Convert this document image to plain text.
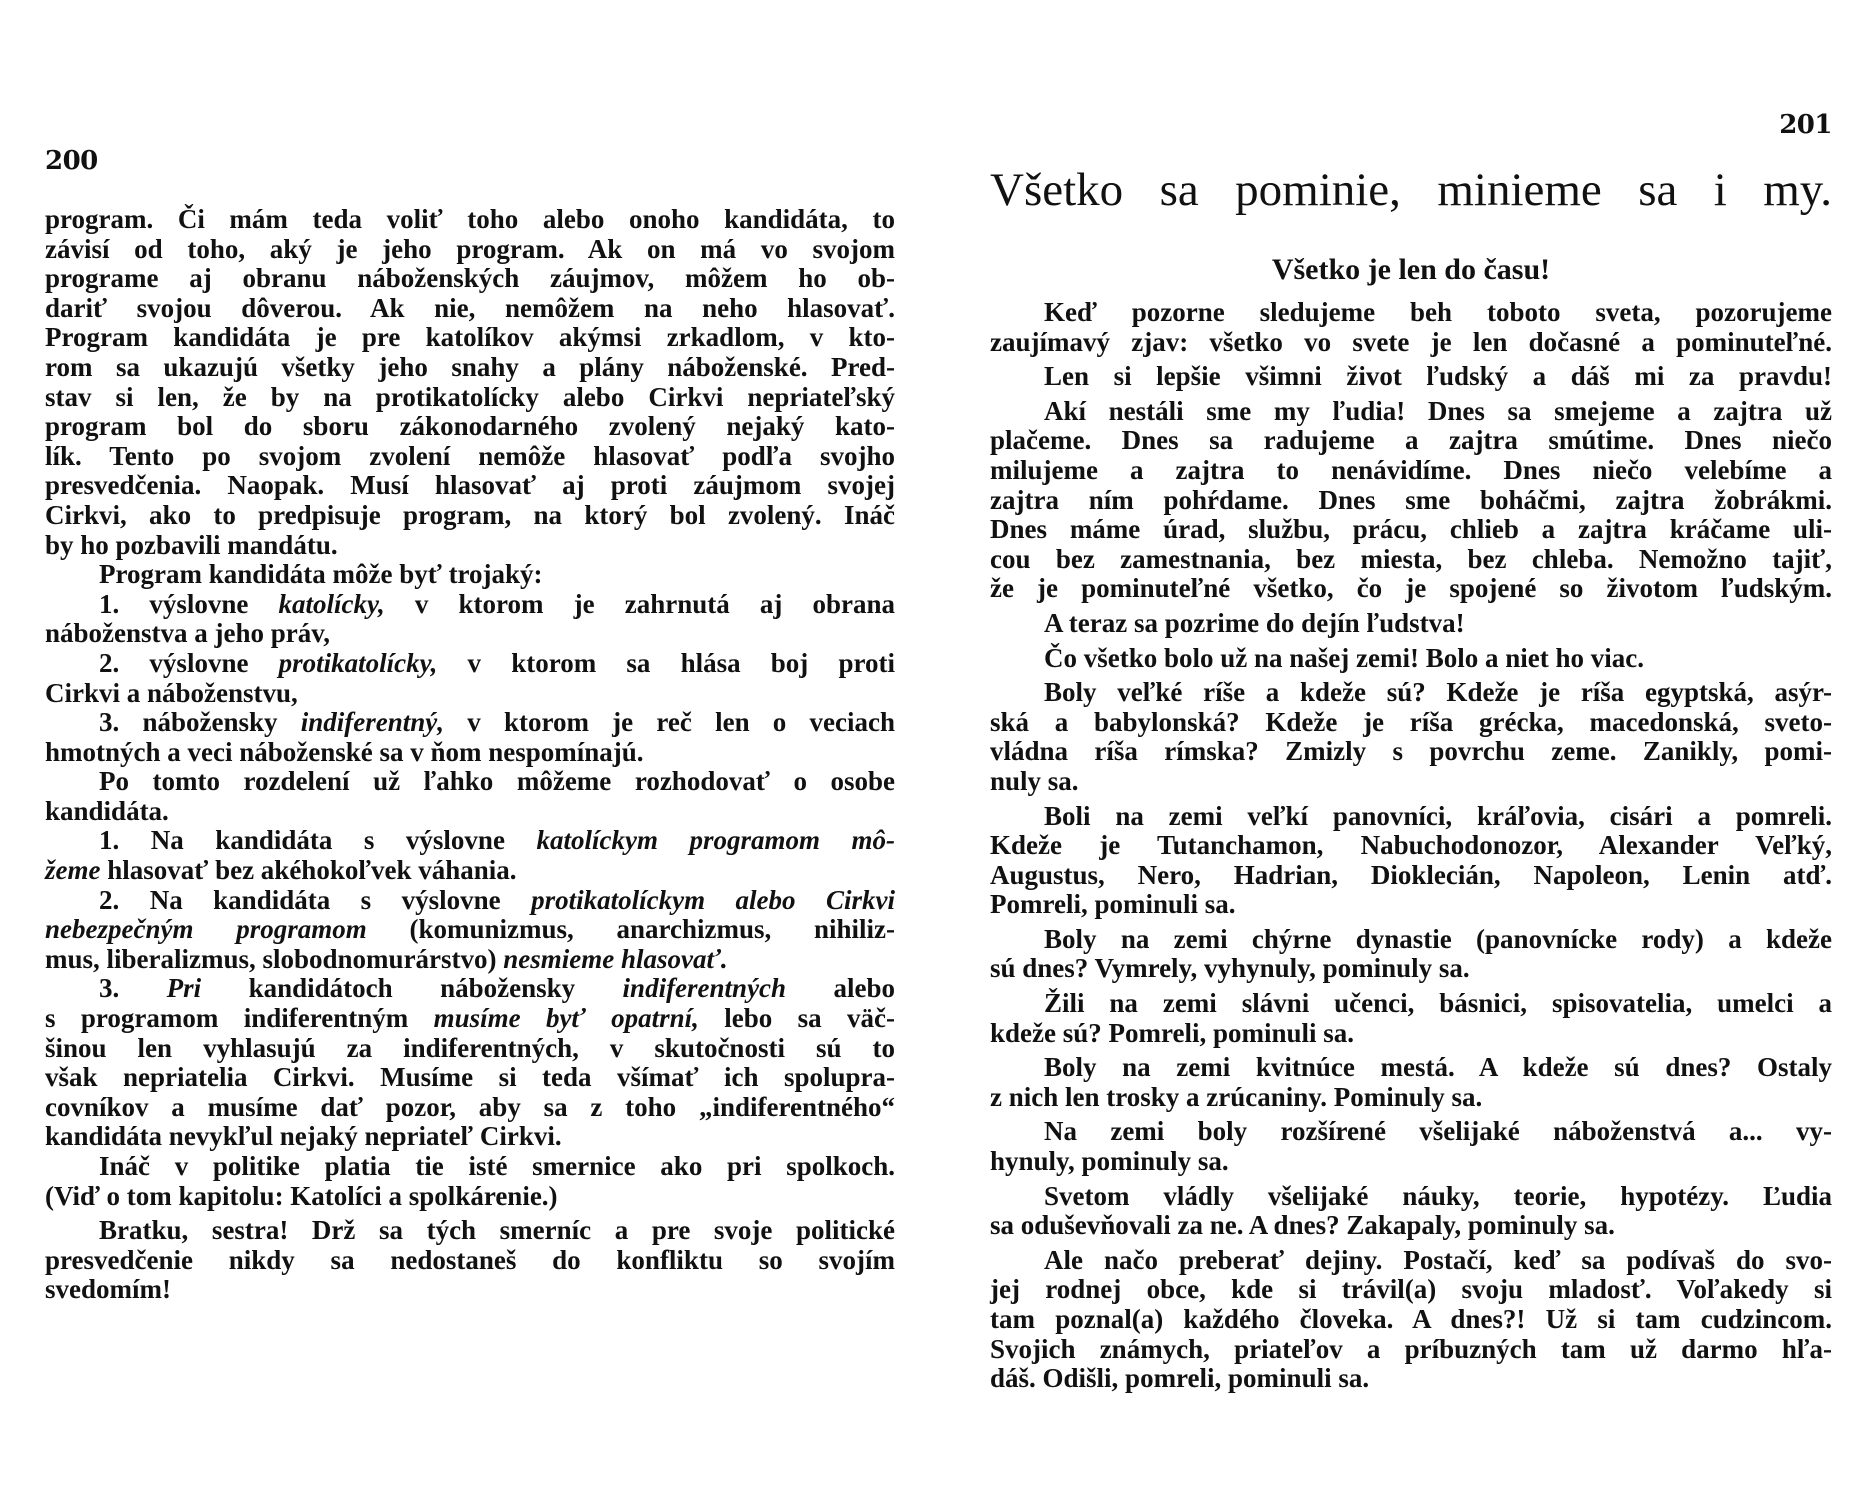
200
program. Či mám teda voliť toho alebo onoho kandidáta, to
závisí od toho, aký je jeho program. Ak on má vo svojom
programe aj obranu náboženských záujmov, môžem ho ob-
dariť svojou dôverou. Ak nie, nemôžem na neho hlasovať.
Program kandidáta je pre katolíkov akýmsi zrkadlom, v kto-
rom sa ukazujú všetky jeho snahy a plány náboženské. Pred-
stav si len, že by na protikatolícky alebo Cirkvi nepriateľský
program bol do sboru zákonodarného zvolený nejaký kato-
lík. Tento po svojom zvolení nemôže hlasovať podľa svojho
presvedčenia. Naopak. Musí hlasovať aj proti záujmom svojej
Cirkvi, ako to predpisuje program, na ktorý bol zvolený. Ináč
by ho pozbavili mandátu.
Program kandidáta môže byť trojaký:
1. výslovne katolícky, v ktorom je zahrnutá aj obrana
náboženstva a jeho práv,
2. výslovne protikatolícky, v ktorom sa hlása boj proti
Cirkvi a náboženstvu,
3. nábožensky indiferentný, v ktorom je reč len o veciach
hmotných a veci náboženské sa v ňom nespomínajú.
Po tomto rozdelení už ľahko môžeme rozhodovať o osobe
kandidáta.
1. Na kandidáta s výslovne katolíckym programom mô-
žeme hlasovať bez akéhokoľvek váhania.
2. Na kandidáta s výslovne protikatolíckym alebo Cirkvi
nebezpečným programom (komunizmus, anarchizmus, nihiliz-
mus, liberalizmus, slobodnomurárstvo) nesmieme hlasovať.
3. Pri kandidátoch nábožensky indiferentných alebo
s programom indiferentným musíme byť opatrní, lebo sa väč-
šinou len vyhlasujú za indiferentných, v skutočnosti sú to
však nepriatelia Cirkvi. Musíme si teda všímať ich spolupra-
covníkov a musíme dať pozor, aby sa z toho „indiferentného“
kandidáta nevykľul nejaký nepriateľ Cirkvi.
Ináč v politike platia tie isté smernice ako pri spolkoch.
(Viď o tom kapitolu: Katolíci a spolkárenie.)
Bratku, sestra! Drž sa tých smerníc a pre svoje politické
presvedčenie nikdy sa nedostaneš do konfliktu so svojím
svedomím!
201
Všetko sa pominie, minieme sa i my.
Všetko je len do času!
Keď pozorne sledujeme beh toboto sveta, pozorujeme
zaujímavý zjav: všetko vo svete je len dočasné a pominuteľné.
Len si lepšie všimni život ľudský a dáš mi za pravdu!
Akí nestáli sme my ľudia! Dnes sa smejeme a zajtra už
plačeme. Dnes sa radujeme a zajtra smútime. Dnes niečo
milujeme a zajtra to nenávidíme. Dnes niečo velebíme a
zajtra ním pohŕdame. Dnes sme boháčmi, zajtra žobrákmi.
Dnes máme úrad, službu, prácu, chlieb a zajtra kráčame uli-
cou bez zamestnania, bez miesta, bez chleba. Nemožno tajiť,
že je pominuteľné všetko, čo je spojené so životom ľudským.
A teraz sa pozrime do dejín ľudstva!
Čo všetko bolo už na našej zemi! Bolo a niet ho viac.
Boly veľké ríše a kdeže sú? Kdeže je ríša egyptská, asýr-
ská a babylonská? Kdeže je ríša grécka, macedonská, sveto-
vládna ríša rímska? Zmizly s povrchu zeme. Zanikly, pomi-
nuly sa.
Boli na zemi veľkí panovníci, kráľovia, cisári a pomreli.
Kdeže je Tutanchamon, Nabuchodonozor, Alexander Veľký,
Augustus, Nero, Hadrian, Dioklecián, Napoleon, Lenin atď.
Pomreli, pominuli sa.
Boly na zemi chýrne dynastie (panovnícke rody) a kdeže
sú dnes? Vymrely, vyhynuly, pominuly sa.
Žili na zemi slávni učenci, básnici, spisovatelia, umelci a
kdeže sú? Pomreli, pominuli sa.
Boly na zemi kvitnúce mestá. A kdeže sú dnes? Ostaly
z nich len trosky a zrúcaniny. Pominuly sa.
Na zemi boly rozšírené všelijaké náboženstvá a... vy-
hynuly, pominuly sa.
Svetom vládly všelijaké náuky, teorie, hypotézy. Ľudia
sa oduševňovali za ne. A dnes? Zakapaly, pominuly sa.
Ale načo preberať dejiny. Postačí, keď sa podívaš do svo-
jej rodnej obce, kde si trávil(a) svoju mladosť. Voľakedy si
tam poznal(a) každého človeka. A dnes?! Už si tam cudzincom.
Svojich známych, priateľov a príbuzných tam už darmo hľa-
dáš. Odišli, pomreli, pominuli sa.
